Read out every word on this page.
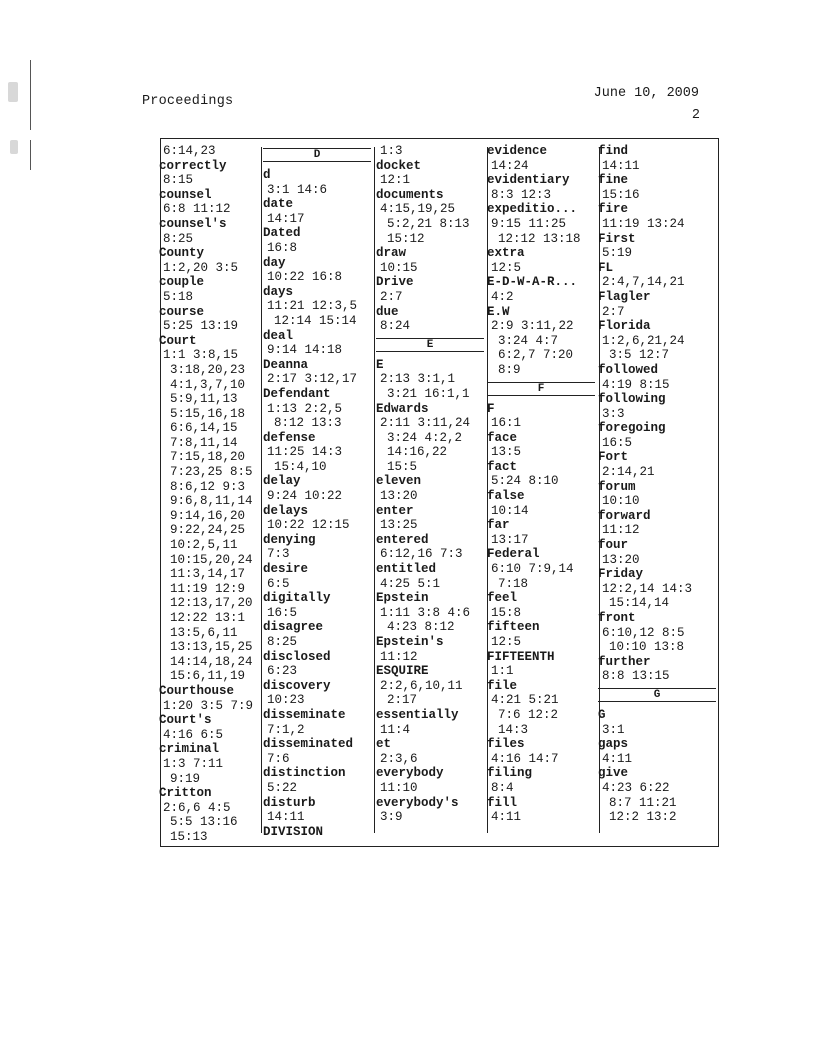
Proceedings
June 10, 2009
2
6:14,23
correctly
8:15
counsel
6:8 11:12
counsel's
8:25
County
1:2,20 3:5
couple
5:18
course
5:25 13:19
Court
1:1 3:8,15
3:18,20,23
4:1,3,7,10
5:9,11,13
5:15,16,18
6:6,14,15
7:8,11,14
7:15,18,20
7:23,25 8:5
8:6,12 9:3
9:6,8,11,14
9:14,16,20
9:22,24,25
10:2,5,11
10:15,20,24
11:3,14,17
11:19 12:9
12:13,17,20
12:22 13:1
13:5,6,11
13:13,15,25
14:14,18,24
15:6,11,19
Courthouse
1:20 3:5 7:9
Court's
4:16 6:5
criminal
1:3 7:11
9:19
Critton
2:6,6 4:5
5:5 13:16
15:13
D
d
3:1 14:6
date
14:17
Dated
16:8
day
10:22 16:8
days
11:21 12:3,5
12:14 15:14
deal
9:14 14:18
Deanna
2:17 3:12,17
Defendant
1:13 2:2,5
8:12 13:3
defense
11:25 14:3
15:4,10
delay
9:24 10:22
delays
10:22 12:15
denying
7:3
desire
6:5
digitally
16:5
disagree
8:25
disclosed
6:23
discovery
10:23
disseminate
7:1,2
disseminated
7:6
distinction
5:22
disturb
14:11
DIVISION
1:3
docket
12:1
documents
4:15,19,25
5:2,21 8:13
15:12
draw
10:15
Drive
2:7
due
8:24
E
E
2:13 3:1,1
3:21 16:1,1
Edwards
2:11 3:11,24
3:24 4:2,2
14:16,22
15:5
eleven
13:20
enter
13:25
entered
6:12,16 7:3
entitled
4:25 5:1
Epstein
1:11 3:8 4:6
4:23 8:12
Epstein's
11:12
ESQUIRE
2:2,6,10,11
2:17
essentially
11:4
et
2:3,6
everybody
11:10
everybody's
3:9
evidence
14:24
evidentiary
8:3 12:3
expeditio...
9:15 11:25
12:12 13:18
extra
12:5
E-D-W-A-R...
4:2
E.W
2:9 3:11,22
3:24 4:7
6:2,7 7:20
8:9
F
F
16:1
face
13:5
fact
5:24 8:10
false
10:14
far
13:17
Federal
6:10 7:9,14
7:18
feel
15:8
fifteen
12:5
FIFTEENTH
1:1
file
4:21 5:21
7:6 12:2
14:3
files
4:16 14:7
filing
8:4
fill
4:11
find
14:11
fine
15:16
fire
11:19 13:24
First
5:19
FL
2:4,7,14,21
Flagler
2:7
Florida
1:2,6,21,24
3:5 12:7
followed
4:19 8:15
following
3:3
foregoing
16:5
Fort
2:14,21
forum
10:10
forward
11:12
four
13:20
Friday
12:2,14 14:3
15:14,14
front
6:10,12 8:5
10:10 13:8
further
8:8 13:15
G
G
3:1
gaps
4:11
give
4:23 6:22
8:7 11:21
12:2 13:2
